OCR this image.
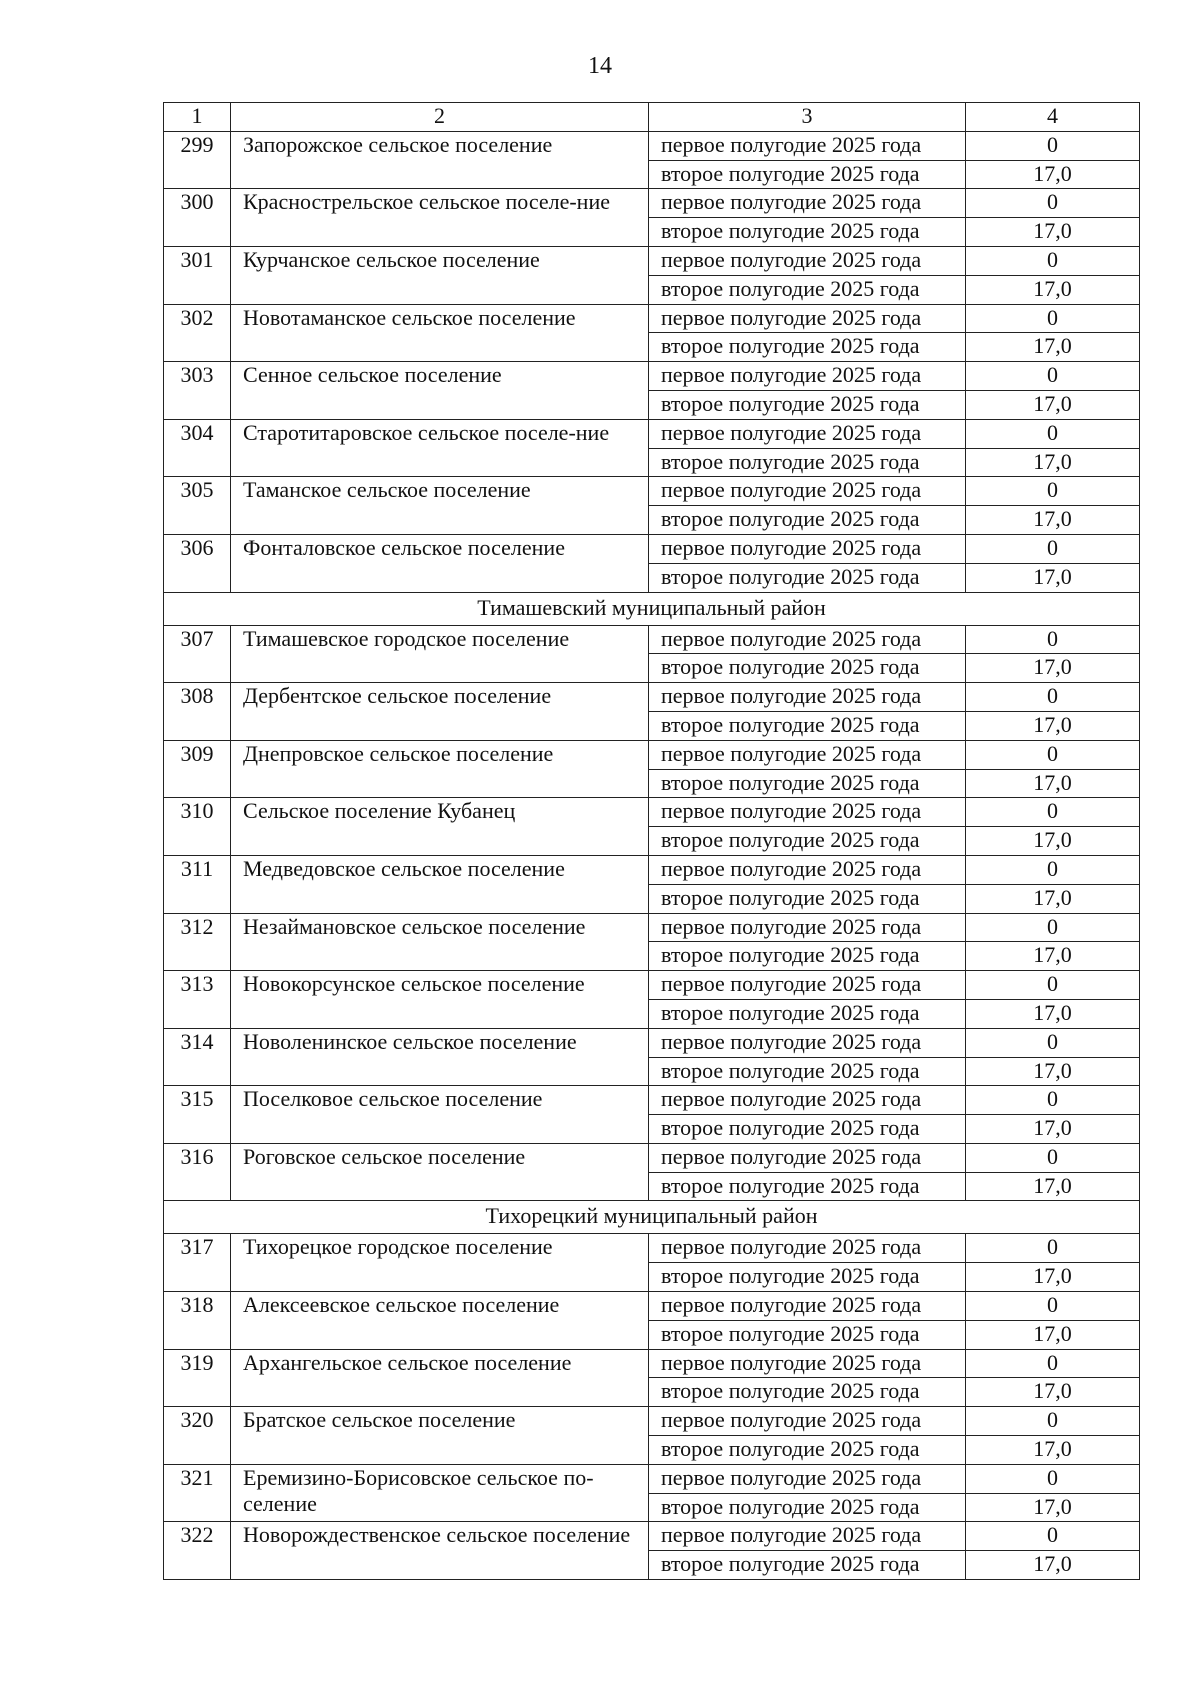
14
1	2	3	4
299	Запорожское сельское поселение	первое полугодие 2025 года	0
		второе полугодие 2025 года	17,0
300	Краснострельское сельское поселе-ние	первое полугодие 2025 года	0
		второе полугодие 2025 года	17,0
301	Курчанское сельское поселение	первое полугодие 2025 года	0
		второе полугодие 2025 года	17,0
302	Новотаманское сельское поселение	первое полугодие 2025 года	0
		второе полугодие 2025 года	17,0
303	Сенное сельское поселение	первое полугодие 2025 года	0
		второе полугодие 2025 года	17,0
304	Старотитаровское сельское поселе-ние	первое полугодие 2025 года	0
		второе полугодие 2025 года	17,0
305	Таманское сельское поселение	первое полугодие 2025 года	0
		второе полугодие 2025 года	17,0
306	Фонталовское сельское поселение	первое полугодие 2025 года	0
		второе полугодие 2025 года	17,0
Тимашевский муниципальный район			
307	Тимашевское городское поселение	первое полугодие 2025 года	0
		второе полугодие 2025 года	17,0
308	Дербентское сельское поселение	первое полугодие 2025 года	0
		второе полугодие 2025 года	17,0
309	Днепровское сельское поселение	первое полугодие 2025 года	0
		второе полугодие 2025 года	17,0
310	Сельское поселение Кубанец	первое полугодие 2025 года	0
		второе полугодие 2025 года	17,0
311	Медведовское сельское поселение	первое полугодие 2025 года	0
		второе полугодие 2025 года	17,0
312	Незаймановское сельское поселение	первое полугодие 2025 года	0
		второе полугодие 2025 года	17,0
313	Новокорсунское сельское поселение	первое полугодие 2025 года	0
		второе полугодие 2025 года	17,0
314	Новоленинское сельское поселение	первое полугодие 2025 года	0
		второе полугодие 2025 года	17,0
315	Поселковое сельское поселение	первое полугодие 2025 года	0
		второе полугодие 2025 года	17,0
316	Роговское сельское поселение	первое полугодие 2025 года	0
		второе полугодие 2025 года	17,0
Тихорецкий муниципальный район			
317	Тихорецкое городское поселение	первое полугодие 2025 года	0
		второе полугодие 2025 года	17,0
318	Алексеевское сельское поселение	первое полугодие 2025 года	0
		второе полугодие 2025 года	17,0
319	Архангельское сельское поселение	первое полугодие 2025 года	0
		второе полугодие 2025 года	17,0
320	Братское сельское поселение	первое полугодие 2025 года	0
		второе полугодие 2025 года	17,0
321	Еремизино-Борисовское сельское по-селение	первое полугодие 2025 года	0
		второе полугодие 2025 года	17,0
322	Новорождественское сельское поселение	первое полугодие 2025 года	0
		второе полугодие 2025 года	17,0
